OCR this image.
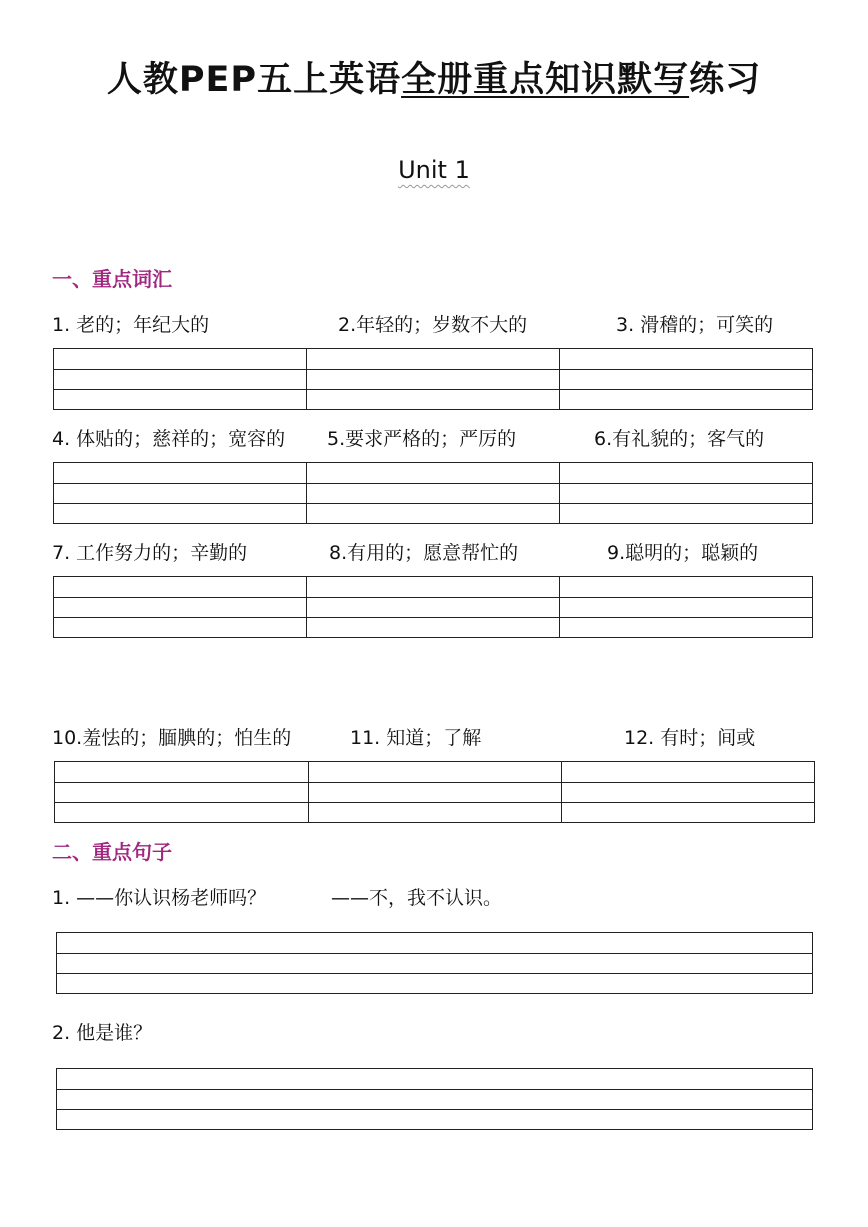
人教PEP五上英语全册重点知识默写练习
Unit 1
一、重点词汇
1. 老的；年纪大的	2.年轻的；岁数不大的	3. 滑稽的；可笑的
4. 体贴的；慈祥的；宽容的 5.要求严格的；严厉的	6.有礼貌的；客气的
7. 工作努力的；辛勤的	8.有用的；愿意帮忙的	9.聪明的；聪颖的
10.羞怯的；腼腆的；怕生的	11. 知道；了解	12. 有时；间或
二、重点句子
1. ——你认识杨老师吗？	——不，我不认识。
2. 他是谁？
